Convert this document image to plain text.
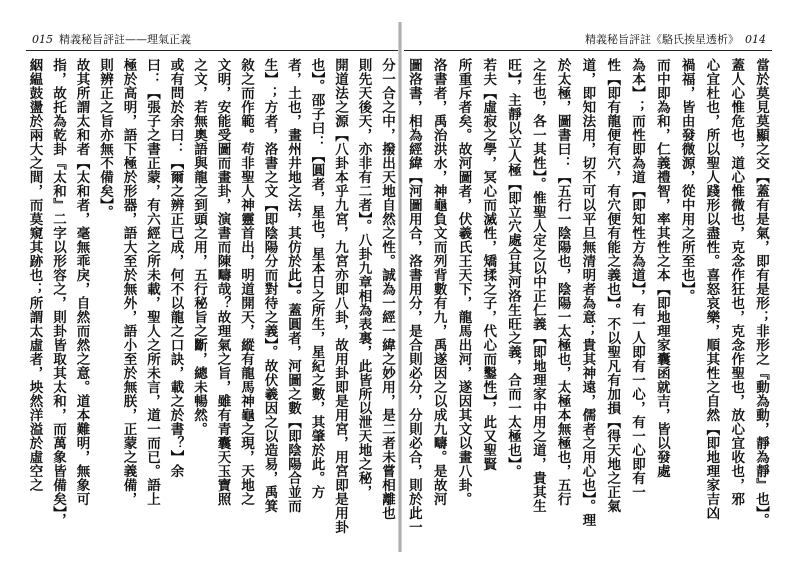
015 精義秘旨評註——理氣正義
分一合之中，撥出天地自然之性。誠為一經一緯之妙用，是二者未嘗相離也
則先天後天，亦非有二者】。八卦九章相為表裏，此皆所以泄天地之秘，
開道法之源【八卦本乎九宮，九宮亦即八卦，故用卦即是用宮，用宮即是用卦
也】。邵子曰：【圓者，星也，星本日之所生，星紀之數，其肇於此。方
者，土也，畫州井地之法，其仿於此】。蓋圓者，河圖之數【即陰陽合並而
生】；方者，洛書之文【即陰陽分而對待之義】。故伏羲因之以造易，禹箕
敘之而作範。苟非聖人神靈首出，明道開天，縱有龍馬神龜之現，天地之
文明，安能受圖而畫卦，演書而陳疇哉？故理氣之旨，雖有青囊天玉寶照
之文，若無奧語與龍之到頭之用，五行秘旨之斷，總未暢然。
或有問於余曰：【爾之辨正已成，何不以龍之口訣，載之於書？】余
曰：【張子之書正蒙，有六經之所未載，聖人之所未言，道一而已。語上
極於高明，語下極於形器，語大至於無外，語小至於無朕，正蒙之義備，
則辨正之旨亦無不備矣】。
故其所謂太和者【太和者，毫無乖戾，自然而然之意。道本難明，無象可
指，故托為乾卦『太和』二字以形容之，則卦皆取其太和，而萬象皆備矣】，
絪緼鼓盪於兩大之間，而莫窺其跡也；所謂太虛者，坱然洋溢於虛空之
精義秘旨評註《駱氏挨星透析》 014
當於莫見莫顯之交【蓋有是氣，即有是形；非形之『動為動，靜為靜』也】。
蓋人心惟危也，道心惟微也，克念作狂也，克念作聖也，放心宜收也，邪
心宜杜也，所以聖人踐形以盡性。喜怒哀樂，順其性之自然【即地理家吉凶
禍福，皆由發微源，從中用之所至也】。
而中即為和，仁義禮智，率其性之本【即地理家囊函就吉，皆以發處
為本】；而性即為道【即知性方為道】，有一人即有一心，有一心即有一
性【即有龍便有穴，有穴便有能之義也】。不以聖凡有加損【得天地之正氣
道，即知法用，切不可以平旦無清明者為意；貴其神遠，儒者之用心也】。理
於太極，圖書曰：【五行一陰陽也，陰陽一太極也，太極本無極也，五行
之生也，各一其性】。惟聖人定之以中正仁義【即地理家中用之道，貴其生
旺】，主靜以立人極【即立穴處合其河洛生旺之義，合而一太極也】。
若夫【虛寂之學，冥心而滅性，矯揉之子，代心而鑿性】，此又聖賢
所重斥者矣。故河圖者，伏羲氏王天下，龍馬出河，遂因其文以畫八卦。
洛書者，禹治洪水，神龜負文而列背數有九，禹遂因之以成九疇。是故河
圖洛書，相為經緯【河圖用合，洛書用分，是合則必分，分則必合，則於此一
